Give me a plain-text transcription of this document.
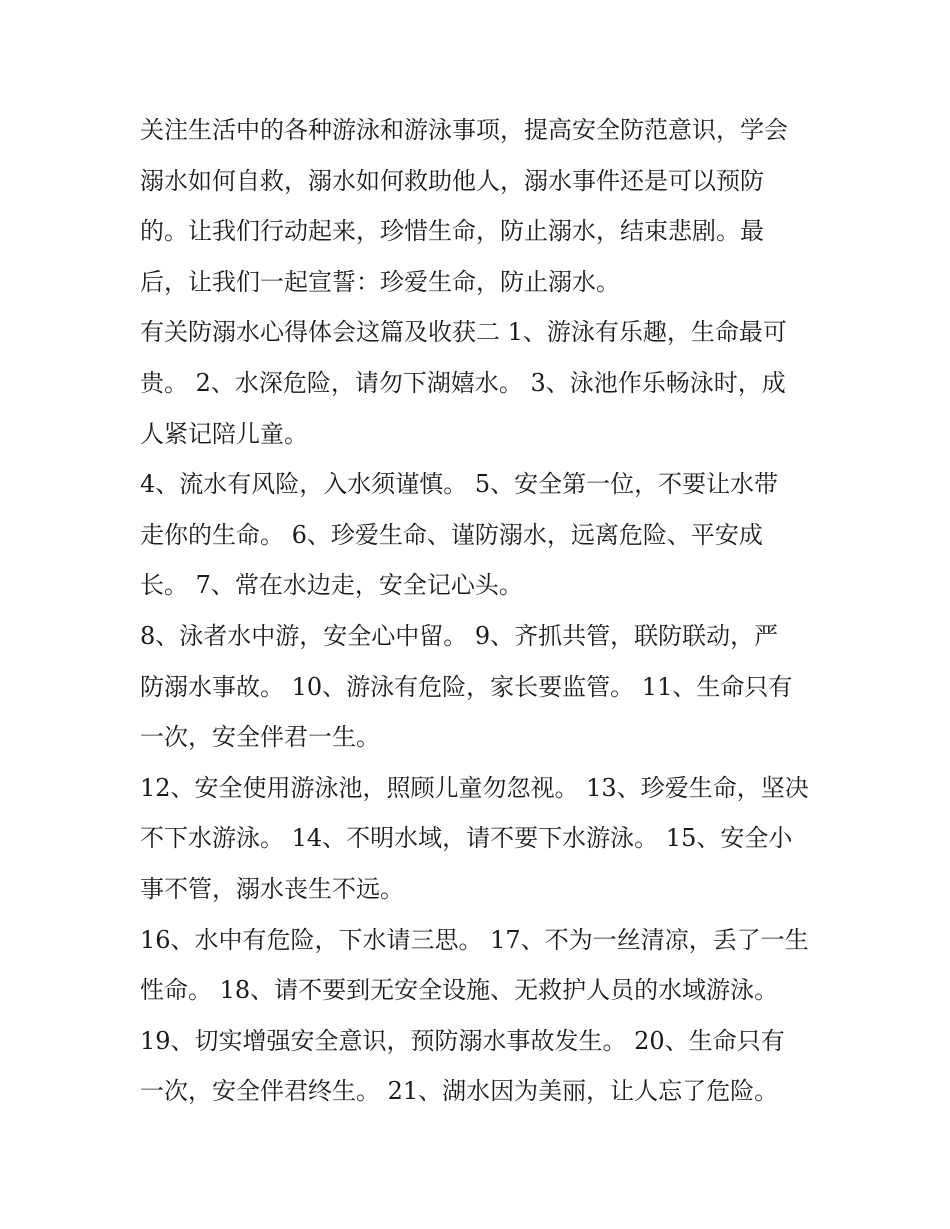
关注生活中的各种游泳和游泳事项，提高安全防范意识，学会
溺水如何自救，溺水如何救助他人，溺水事件还是可以预防
的。让我们行动起来，珍惜生命，防止溺水，结束悲剧。最
后，让我们一起宣誓：珍爱生命，防止溺水。
有关防溺水心得体会这篇及收获二 1、游泳有乐趣，生命最可
贵。 2、水深危险，请勿下湖嬉水。 3、泳池作乐畅泳时，成
人紧记陪儿童。
4、流水有风险，入水须谨慎。 5、安全第一位，不要让水带
走你的生命。 6、珍爱生命、谨防溺水，远离危险、平安成
长。 7、常在水边走，安全记心头。
8、泳者水中游，安全心中留。 9、齐抓共管，联防联动，严
防溺水事故。 10、游泳有危险，家长要监管。 11、生命只有
一次，安全伴君一生。
12、安全使用游泳池，照顾儿童勿忽视。 13、珍爱生命，坚决
不下水游泳。 14、不明水域，请不要下水游泳。 15、安全小
事不管，溺水丧生不远。
16、水中有危险，下水请三思。 17、不为一丝清凉，丢了一生
性命。 18、请不要到无安全设施、无救护人员的水域游泳。
19、切实增强安全意识，预防溺水事故发生。 20、生命只有
一次，安全伴君终生。 21、湖水因为美丽，让人忘了危险。
